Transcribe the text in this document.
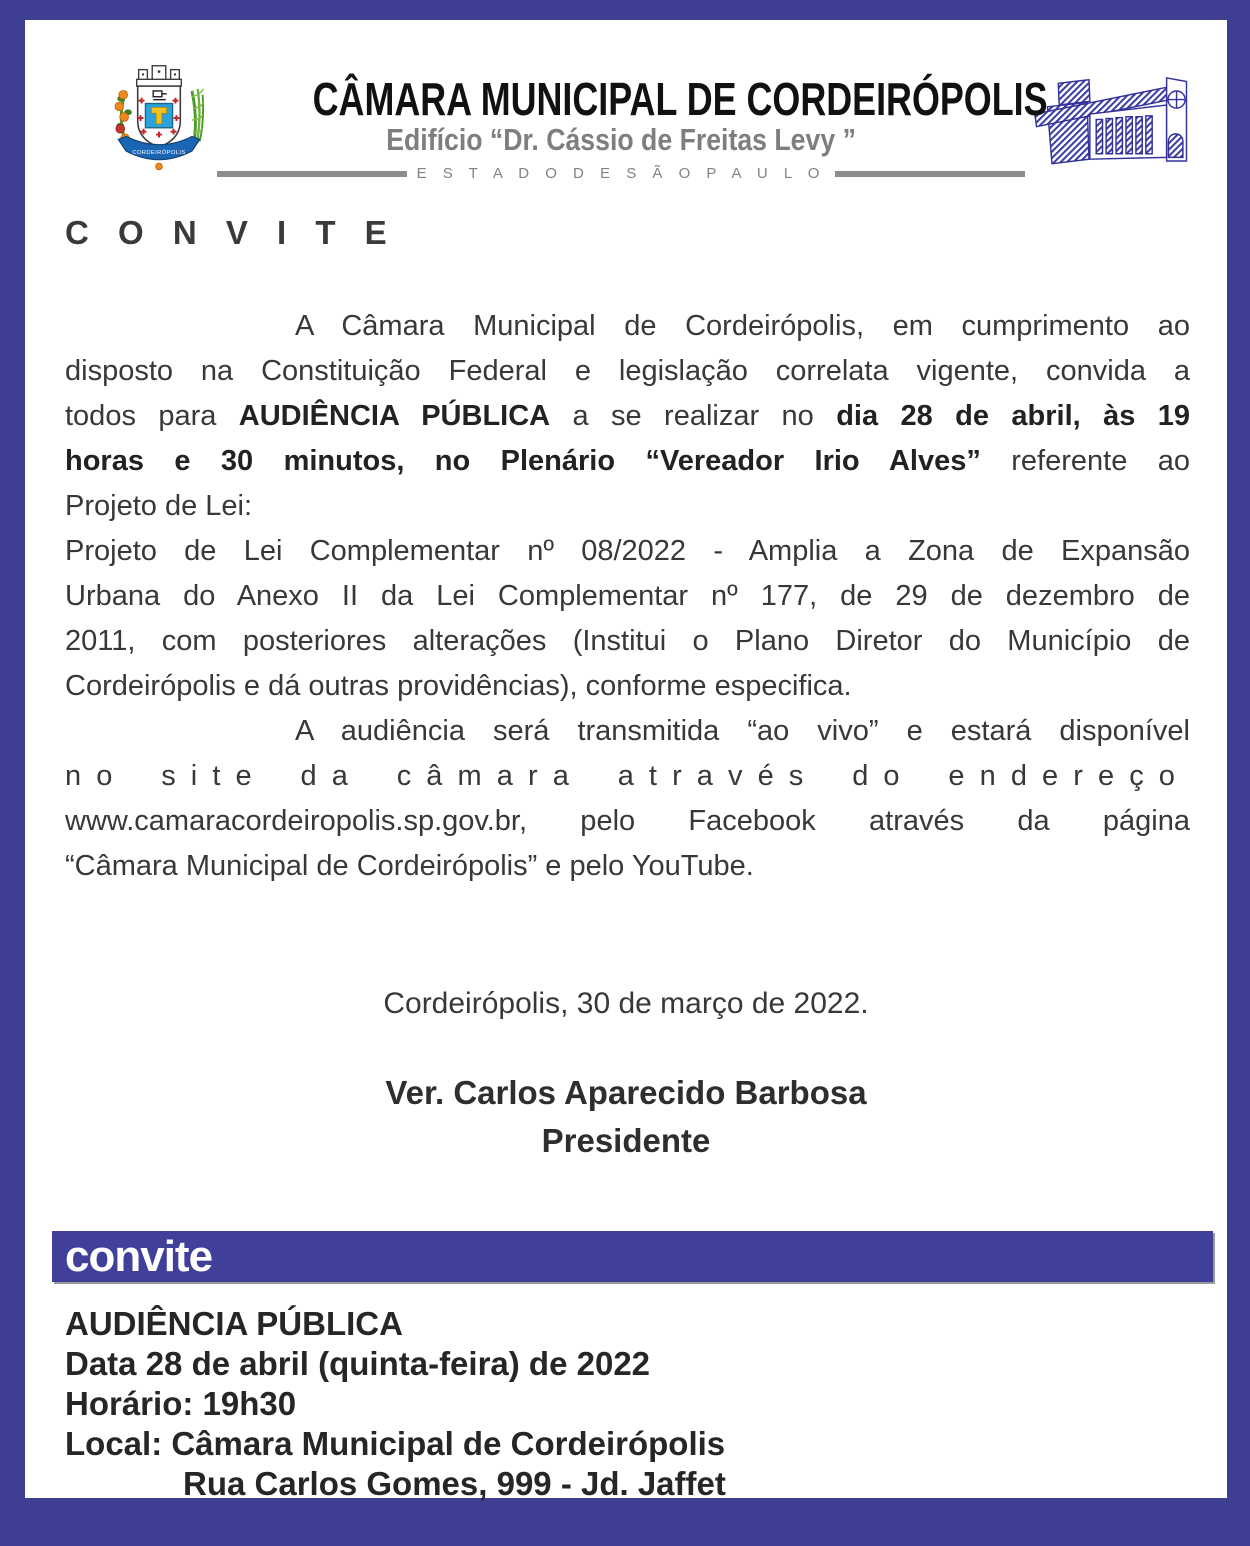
CORDEIRÓPOLIS
CÂMARA MUNICIPAL DE CORDEIRÓPOLIS
Edifício “Dr. Cássio de Freitas Levy ”
E S T A D O D E S Ã O P A U L O
C O N V I T E
A Câmara Municipal de Cordeirópolis, em cumprimento ao
disposto na Constituição Federal e legislação correlata vigente, convida a
todos para AUDIÊNCIA PÚBLICA a se realizar no dia 28 de abril, às 19
horas e 30 minutos, no Plenário “Vereador Irio Alves” referente ao
Projeto de Lei:
Projeto de Lei Complementar nº 08/2022 - Amplia a Zona de Expansão
Urbana do Anexo II da Lei Complementar nº 177, de 29 de dezembro de
2011, com posteriores alterações (Institui o Plano Diretor do Município de
Cordeirópolis e dá outras providências), conforme especifica.
A audiência será transmitida “ao vivo” e estará disponível
no site da câmara através do endereço
www.camaracordeiropolis.sp.gov.br, pelo Facebook através da página
“Câmara Municipal de Cordeirópolis” e pelo YouTube.
Cordeirópolis, 30 de março de 2022.
Ver. Carlos Aparecido Barbosa
Presidente
convite
AUDIÊNCIA PÚBLICA
Data 28 de abril (quinta-feira) de 2022
Horário: 19h30
Local: Câmara Municipal de Cordeirópolis
Rua Carlos Gomes, 999 - Jd. Jaffet
